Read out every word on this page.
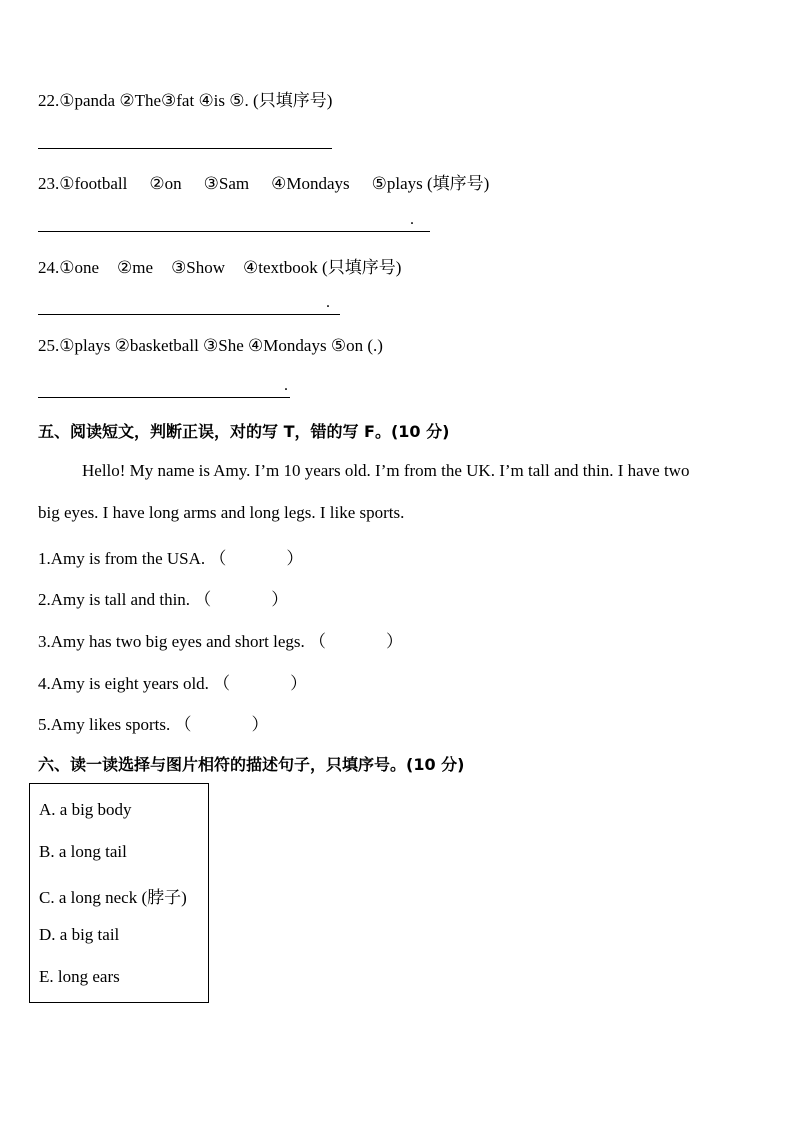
22.①panda ②The③fat ④is ⑤. (只填序号)
23.①football ②on ③Sam ④Mondays ⑤plays (填序号)
.
24.①one ②me ③Show ④textbook (只填序号)
.
25.①plays ②basketball ③She ④Mondays ⑤on (.)
.
五、阅读短文，判断正误，对的写 T，错的写 F。(10 分)
Hello! My name is Amy. I’m 10 years old. I’m from the UK. I’m tall and thin. I have two
big eyes. I have long arms and long legs. I like sports.
1.Amy is from the USA. （	）
2.Amy is tall and thin. （	）
3.Amy has two big eyes and short legs. （	）
4.Amy is eight years old. （	）
5.Amy likes sports. （	）
六、读一读选择与图片相符的描述句子，只填序号。(10 分)
A. a big body
B. a long tail
C. a long neck (脖子)
D. a big tail
E. long ears
